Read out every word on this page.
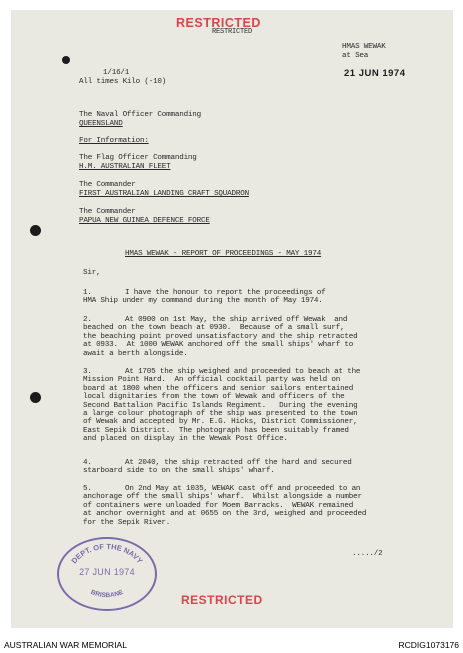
RESTRICTED
RESTRICTED
1/16/1
All times Kilo (-10)
HMAS WEWAK
at Sea
21 JUN 1974
The Naval Officer Commanding
QUEENSLAND
For Information:
The Flag Officer Commanding
H.M. AUSTRALIAN FLEET
The Commander
FIRST AUSTRALIAN LANDING CRAFT SQUADRON
The Commander
PAPUA NEW GUINEA DEFENCE FORCE
HMAS WEWAK - REPORT OF PROCEEDINGS - MAY 1974
Sir,
1.	I have the honour to report the proceedings of
HMA Ship under my command during the month of May 1974.
2.	At 0900 on 1st May, the ship arrived off Wewak  and
beached on the town beach at 0930.  Because of a small surf,
the beaching point proved unsatisfactory and the ship retracted
at 0933.  At 1000 WEWAK anchored off the small ships' wharf to
await a berth alongside.
3.	At 1705 the ship weighed and proceeded to beach at the
Mission Point Hard.  An official cocktail party was held on
board at 1800 when the officers and senior sailors entertained
local dignitaries from the town of Wewak and officers of the
Second Battalion Pacific Islands Regiment.   During the evening
a large colour photograph of the ship was presented to the town
of Wewak and accepted by Mr. E.G. Hicks, District Commissioner,
East Sepik District.  The photograph has been suitably framed
and placed on display in the Wewak Post Office.
4.	At 2040, the ship retracted off the hard and secured
starboard side to on the small ships' wharf.
5.	On 2nd May at 1035, WEWAK cast off and proceeded to an
anchorage off the small ships' wharf.  Whilst alongside a number
of containers were unloaded for Moem Barracks.  WEWAK remained
at anchor overnight and at 0655 on the 3rd, weighed and proceeded
for the Sepik River.
...../2
DEPT. OF THE NAVY
BRISBANE
27 JUN 1974
RESTRICTED
AUSTRALIAN WAR MEMORIAL	RCDIG1073176
